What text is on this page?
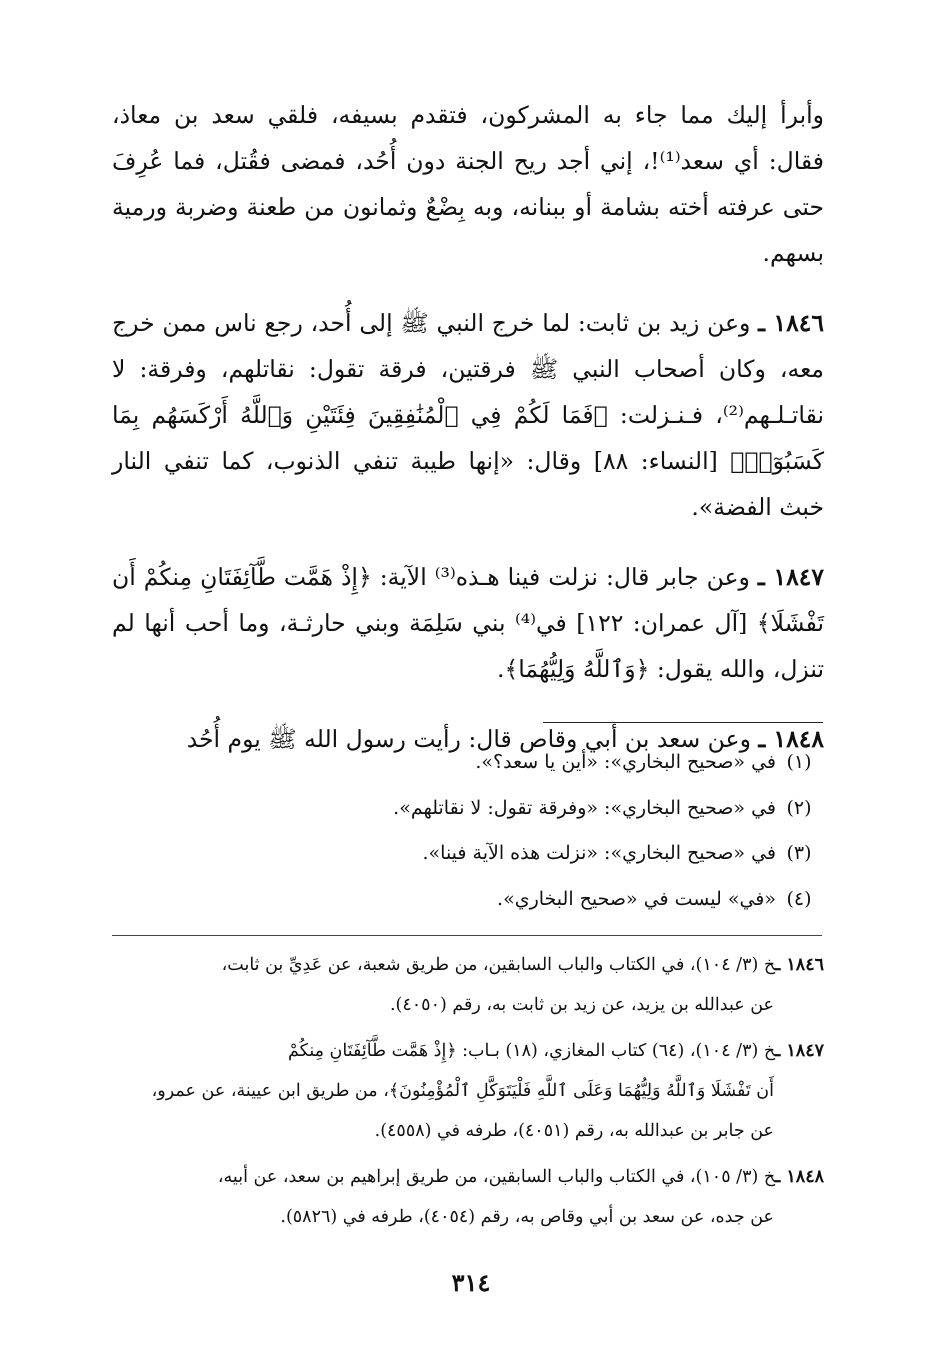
وأبرأ إليك مما جاء به المشركون، فتقدم بسيفه، فلقي سعد بن معاذ، فقال: أي سعد⁽¹⁾!، إني أجد ريح الجنة دون أُحُد، فمضى فقُتل، فما عُرِفَ حتى عرفته أخته بشامة أو ببنانه، وبه بِضْعٌ وثمانون من طعنة وضربة ورمية بسهم.

١٨٤٦ ـ وعن زيد بن ثابت: لما خرج النبي ﷺ إلى أُحد، رجع ناس ممن خرج معه، وكان أصحاب النبي ﷺ فرقتين، فرقة تقول: نقاتلهم، وفرقة: لا نقاتـلـهم⁽²⁾، فـنـزلت: ﴿فَمَا لَكُمْ فِي ٱلْمُنَٰفِقِينَ فِئَتَيْنِ وَٱللَّهُ أَرْكَسَهُم بِمَا كَسَبُوٓا۟﴾ [النساء: ٨٨] وقال: «إنها طيبة تنفي الذنوب، كما تنفي النار خبث الفضة».

١٨٤٧ ـ وعن جابر قال: نزلت فينا هـذه⁽³⁾ الآية: ﴿إِذْ هَمَّت طَّآئِفَتَانِ مِنكُمْ أَن تَفْشَلَا﴾ [آل عمران: ١٢٢] في⁽⁴⁾ بني سَلِمَة وبني حارثـة، وما أحب أنها لم تنزل، والله يقول: ﴿وَٱللَّهُ وَلِيُّهُمَا﴾.

١٨٤٨ ـ وعن سعد بن أبي وقاص قال: رأيت رسول الله ﷺ يوم أُحُد

(١)في «صحيح البخاري»: «أين يا سعد؟».
(٢)في «صحيح البخاري»: «وفرقة تقول: لا نقاتلهم».
(٣)في «صحيح البخاري»: «نزلت هذه الآية فينا».
(٤)«في» ليست في «صحيح البخاري».
١٨٤٦ ـخ (٣/ ١٠٤)، في الكتاب والباب السابقين، من طريق شعبة، عن عَدِيِّ بن ثابت،
عن عبدالله بن يزيد، عن زيد بن ثابت به، رقم (٤٠٥٠).
١٨٤٧ ـخ (٣/ ١٠٤)، (٦٤) كتاب المغازي، (١٨) بـاب: ﴿إِذْ هَمَّت طَّآئِفَتَانِ مِنكُمْ
أَن تَفْشَلَا وَٱللَّهُ وَلِيُّهُمَا وَعَلَى ٱللَّهِ فَلْيَتَوَكَّلِ ٱلْمُؤْمِنُونَ﴾، من طريق ابن عيينة، عن عمرو،
عن جابر بن عبدالله به، رقم (٤٠٥١)، طرفه في (٤٥٥٨).
١٨٤٨ ـخ (٣/ ١٠٥)، في الكتاب والباب السابقين، من طريق إبراهيم بن سعد، عن أبيه،
عن جده، عن سعد بن أبي وقاص به، رقم (٤٠٥٤)، طرفه في (٥٨٢٦).
٣١٤
